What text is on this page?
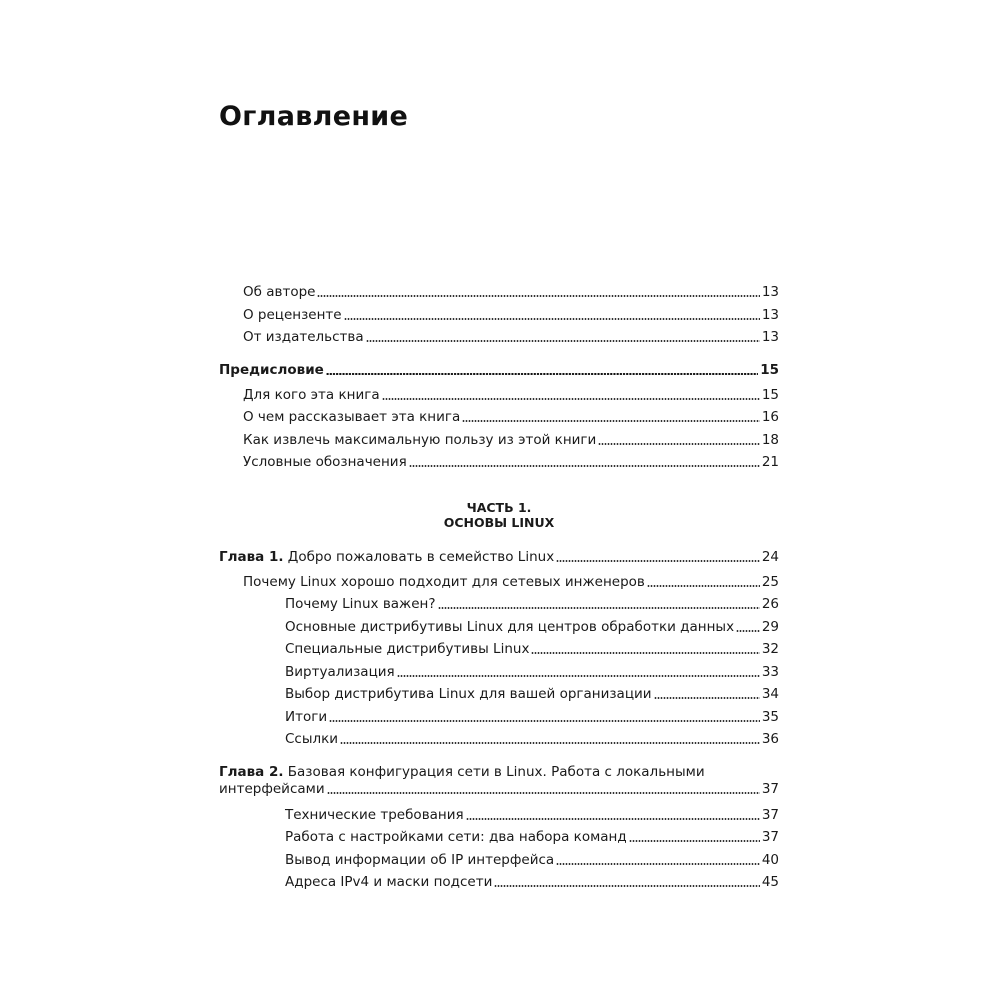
Оглавление
Об авторе	13
О рецензенте	13
От издательства	13
Предисловие	15
Для кого эта книга	15
О чем рассказывает эта книга	16
Как извлечь максимальную пользу из этой книги	18
Условные обозначения	21
ЧАСТЬ 1.
ОСНОВЫ LINUX
Глава 1. Добро пожаловать в семейство Linux	24
Почему Linux хорошо подходит для сетевых инженеров	25
Почему Linux важен?	26
Основные дистрибутивы Linux для центров обработки данных 29
Специальные дистрибутивы Linux	32
Виртуализация	33
Выбор дистрибутива Linux для вашей организации	34
Итоги	35
Ссылки	36
Глава 2. Базовая конфигурация сети в Linux. Работа с локальными
интерфейсами	37
Технические требования	37
Работа с настройками сети: два набора команд	37
Вывод информации об IP интерфейса	40
Адреса IPv4 и маски подсети	45
